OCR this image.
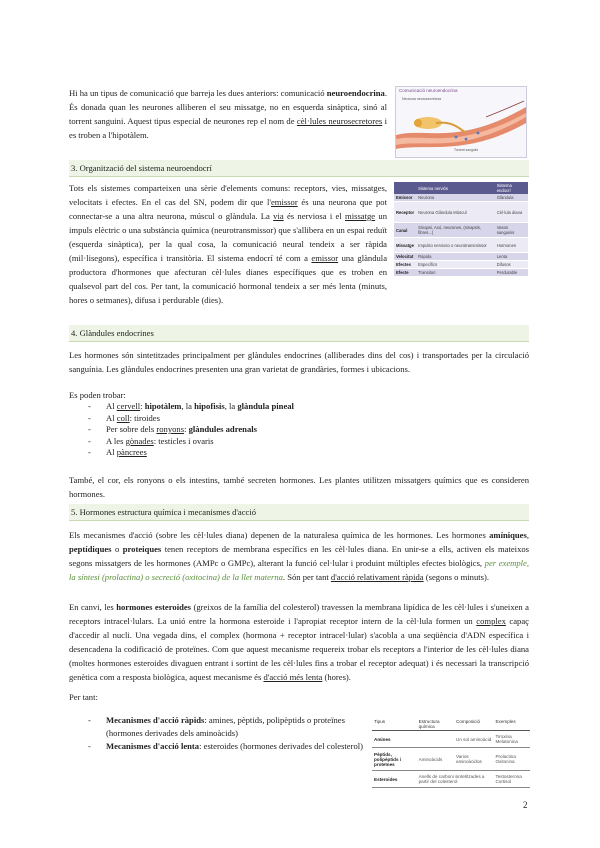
Hi ha un tipus de comunicació que barreja les dues anteriors: comunicació neuroendocrina. És donada quan les neurones alliberen el seu missatge, no en esquerda sinàptica, sinó al torrent sanguini. Aquest tipus especial de neurones rep el nom de cèl·lules neurosecretores i es troben a l'hipotàlem.

Comunicació neuroendocrina
Neurona neurosecretora
Torrent sanguini
3. Organització del sistema neuroendocrí

Tots els sistemes comparteixen una sèrie d'elements comuns: receptors, vies, missatges, velocitats i efectes. En el cas del SN, podem dir que l'emissor és una neurona que pot connectar-se a una altra neurona, múscul o glàndula. La via és nerviosa i el missatge un impuls elèctric o una substància química (neurotransmissor) que s'allibera en un espai reduït (esquerda sinàptica), per la qual cosa, la comunicació neural tendeix a ser ràpida (mil·lisegons), específica i transitòria. El sistema endocrí té com a emissor una glàndula productora d'hormones que afecturan cèl·lules dianes específiques que es troben en qualsevol part del cos. Per tant, la comunicació hormonal tendeix a ser més lenta (minuts, hores o setmanes), difusa i perdurable (dies).

	Sistema nerviós	Sistema endocrí
Emissor	Neurona	Glàndula
Receptor	Neurona Glàndula Múscul	Cèl·lula diana
Canal	Sinapsi, Axó, neurones, (sinapsis, fibres...)	Vasos sanguinis
Missatge	Impulso nervioso o neurotransmissor	Hormones
Velocitat	Ràpida	Lenta
Efectes	Específics	Difusos
Efecte	Transitori	Perdurable
4. Glàndules endocrines

Les hormones són sintetitzades principalment per glàndules endocrines (alliberades dins del cos) i transportades per la circulació sanguínia. Les glàndules endocrines presenten una gran varietat de grandàries, formes i ubicacions.

Es poden trobar:

- Al cervell: hipotàlem, la hipofisis, la glàndula pineal
- Al coll: tiroides
- Per sobre dels ronyons: glàndules adrenals
- A les gònades: testicles i ovaris
- Al pàncrees

També, el cor, els ronyons o els intestins, també secreten hormones. Les plantes utilitzen missatgers químics que es consideren hormones.

5. Hormones estructura química i mecanismes d'acció

Els mecanismes d'acció (sobre les cèl·lules diana) depenen de la naturalesa química de les hormones. Les hormones amíniques, peptídiques o proteiques tenen receptors de membrana específics en les cèl·lules diana. En unir-se a ells, activen els mateixos segons missatgers de les hormones (AMPc o GMPc), alterant la funció cel·lular i produint múltiples efectes biològics, per exemple, la síntesi (prolactina) o secreció (oxitocina) de la llet materna. Són per tant d'acció relativament ràpida (segons o minuts).

En canvi, les hormones esteroides (greixos de la família del colesterol) travessen la membrana lipídica de les cèl·lules i s'uneixen a receptors intracel·lulars. La unió entre la hormona esteroide i l'apropiat receptor intern de la cèl·lula formen un complex capaç d'accedir al nucli. Una vegada dins, el complex (hormona + receptor intracel·lular) s'acobla a una seqüència d'ADN específica i desencadena la codificació de proteïnes. Com que aquest mecanisme requereix trobar els receptors a l'interior de les cèl·lules diana (moltes hormones esteroides divaguen entrant i sortint de les cèl·lules fins a trobar el receptor adequat) i és necessari la transcripció genètica com a resposta biològica, aquest mecanisme és d'acció més lenta (hores).

Per tant:

- Mecanismes d'acció ràpids: amines, pèptids, polipèptids o proteïnes (hormones derivades dels aminoàcids)
- Mecanismes d'acció lenta: esteroides (hormones derivades del colesterol)
Tipus	Estructura química	Composició	Exemples
Amines		Un sol aminoàcid	Tiroxina Melatonina
Pèptids, polipèptids i proteïnes	Aminoàcids	Varios aminoàcidos	Prolactina Oxitocina
Esteroides	Anells de carboni sintetitzades a partir del colesterol		Testosterona Cortisol
2
